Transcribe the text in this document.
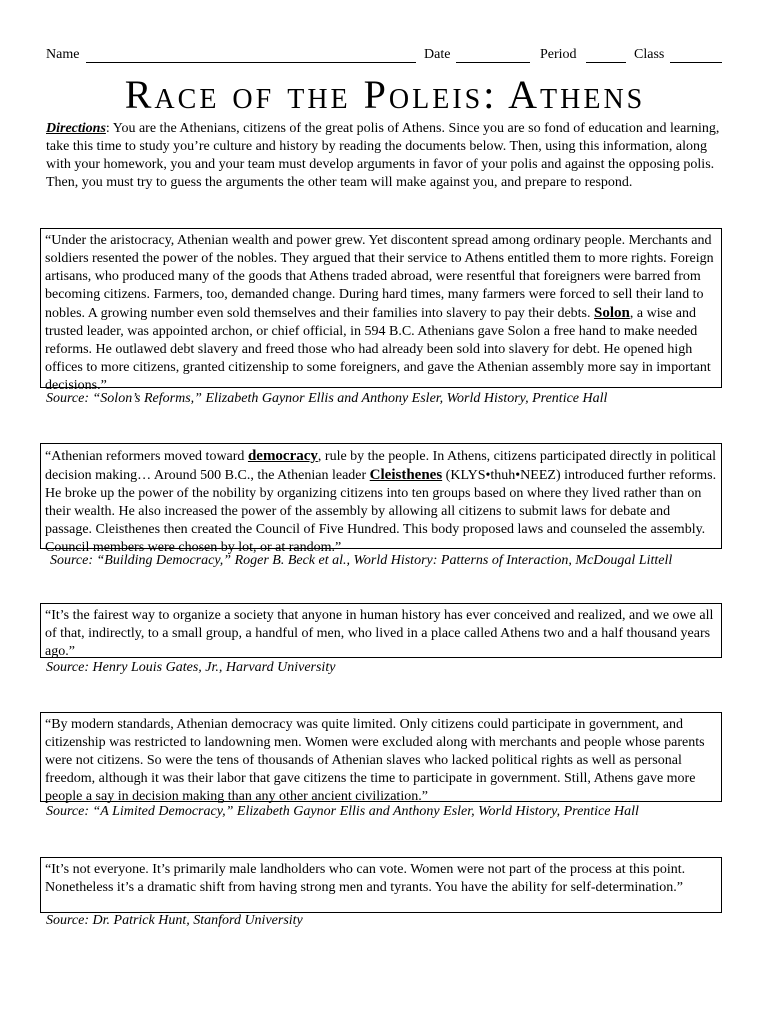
Name	Date	Period	Class
Race of the Poleis: Athens
Directions: You are the Athenians, citizens of the great polis of Athens. Since you are so fond of education and learning, take this time to study you’re culture and history by reading the documents below. Then, using this information, along with your homework, you and your team must develop arguments in favor of your polis and against the opposing polis. Then, you must try to guess the arguments the other team will make against you, and prepare to respond.
“Under the aristocracy, Athenian wealth and power grew. Yet discontent spread among ordinary people. Merchants and soldiers resented the power of the nobles. They argued that their service to Athens entitled them to more rights. Foreign artisans, who produced many of the goods that Athens traded abroad, were resentful that foreigners were barred from becoming citizens. Farmers, too, demanded change. During hard times, many farmers were forced to sell their land to nobles. A growing number even sold themselves and their families into slavery to pay their debts. Solon, a wise and trusted leader, was appointed archon, or chief official, in 594 B.C. Athenians gave Solon a free hand to make needed reforms. He outlawed debt slavery and freed those who had already been sold into slavery for debt. He opened high offices to more citizens, granted citizenship to some foreigners, and gave the Athenian assembly more say in important decisions.”
Source: “Solon’s Reforms,” Elizabeth Gaynor Ellis and Anthony Esler, World History, Prentice Hall
“Athenian reformers moved toward democracy, rule by the people. In Athens, citizens participated directly in political decision making… Around 500 B.C., the Athenian leader Cleisthenes (KLYS•thuh•NEEZ) introduced further reforms. He broke up the power of the nobility by organizing citizens into ten groups based on where they lived rather than on their wealth. He also increased the power of the assembly by allowing all citizens to submit laws for debate and passage. Cleisthenes then created the Council of Five Hundred. This body proposed laws and counseled the assembly. Council members were chosen by lot, or at random.”
Source: “Building Democracy,” Roger B. Beck et al., World History: Patterns of Interaction, McDougal Littell
“It’s the fairest way to organize a society that anyone in human history has ever conceived and realized, and we owe all of that, indirectly, to a small group, a handful of men, who lived in a place called Athens two and a half thousand years ago.”
Source: Henry Louis Gates, Jr., Harvard University
“By modern standards, Athenian democracy was quite limited. Only citizens could participate in government, and citizenship was restricted to landowning men. Women were excluded along with merchants and people whose parents were not citizens. So were the tens of thousands of Athenian slaves who lacked political rights as well as personal freedom, although it was their labor that gave citizens the time to participate in government. Still, Athens gave more people a say in decision making than any other ancient civilization.”
Source: “A Limited Democracy,” Elizabeth Gaynor Ellis and Anthony Esler, World History, Prentice Hall
“It’s not everyone. It’s primarily male landholders who can vote. Women were not part of the process at this point. Nonetheless it’s a dramatic shift from having strong men and tyrants. You have the ability for self-determination.”
Source: Dr. Patrick Hunt, Stanford University
